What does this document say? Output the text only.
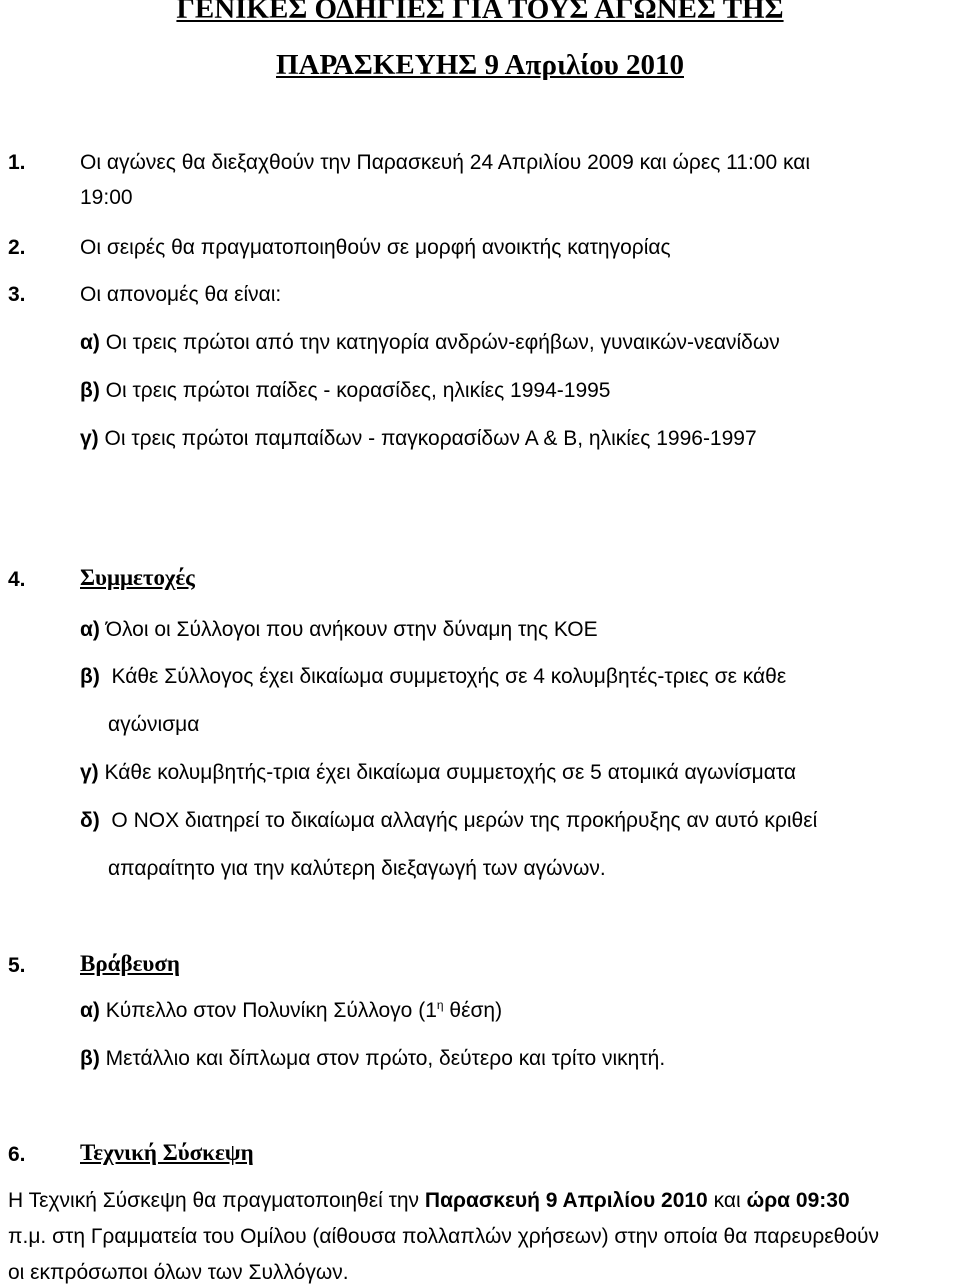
ΓΕΝΙΚΕΣ ΟΔΗΓΙΕΣ ΓΙΑ ΤΟΥΣ ΑΓΩΝΕΣ ΤΗΣ
ΠΑΡΑΣΚΕΥΗΣ 9 Απριλίου 2010
1.	Οι αγώνες θα διεξαχθούν την Παρασκευή 24 Απριλίου 2009 και ώρες 11:00 και
19:00
2.	Οι σειρές θα πραγματοποιηθούν σε μορφή ανοικτής κατηγορίας
3.	Οι απονομές θα είναι:
α) Οι τρεις πρώτοι από την κατηγορία ανδρών-εφήβων, γυναικών-νεανίδων
β) Οι τρεις πρώτοι παίδες - κορασίδες, ηλικίες 1994-1995
γ) Οι τρεις πρώτοι παμπαίδων - παγκορασίδων Α & Β, ηλικίες 1996-1997
4. Συμμετοχές
α) Όλοι οι Σύλλογοι που ανήκουν στην δύναμη της ΚΟΕ
β)  Κάθε Σύλλογος έχει δικαίωμα συμμετοχής σε 4 κολυμβητές-τριες σε κάθε
αγώνισμα
γ) Κάθε κολυμβητής-τρια έχει δικαίωμα συμμετοχής σε 5 ατομικά αγωνίσματα
δ)  Ο ΝΟΧ διατηρεί το δικαίωμα αλλαγής μερών της προκήρυξης αν αυτό κριθεί
απαραίτητο για την καλύτερη διεξαγωγή των αγώνων.
5. Βράβευση
α) Κύπελλο στον Πολυνίκη Σύλλογο ($1^\eta$ θέση)
β) Μετάλλιο και δίπλωμα στον πρώτο, δεύτερο και τρίτο νικητή.
6. Τεχνική Σύσκεψη
Η Τεχνική Σύσκεψη θα πραγματοποιηθεί την Παρασκευή 9 Απριλίου 2010 και ώρα 09:30
π.μ. στη Γραμματεία του Ομίλου (αίθουσα πολλαπλών χρήσεων) στην οποία θα παρευρεθούν
οι εκπρόσωποι όλων των Συλλόγων.
